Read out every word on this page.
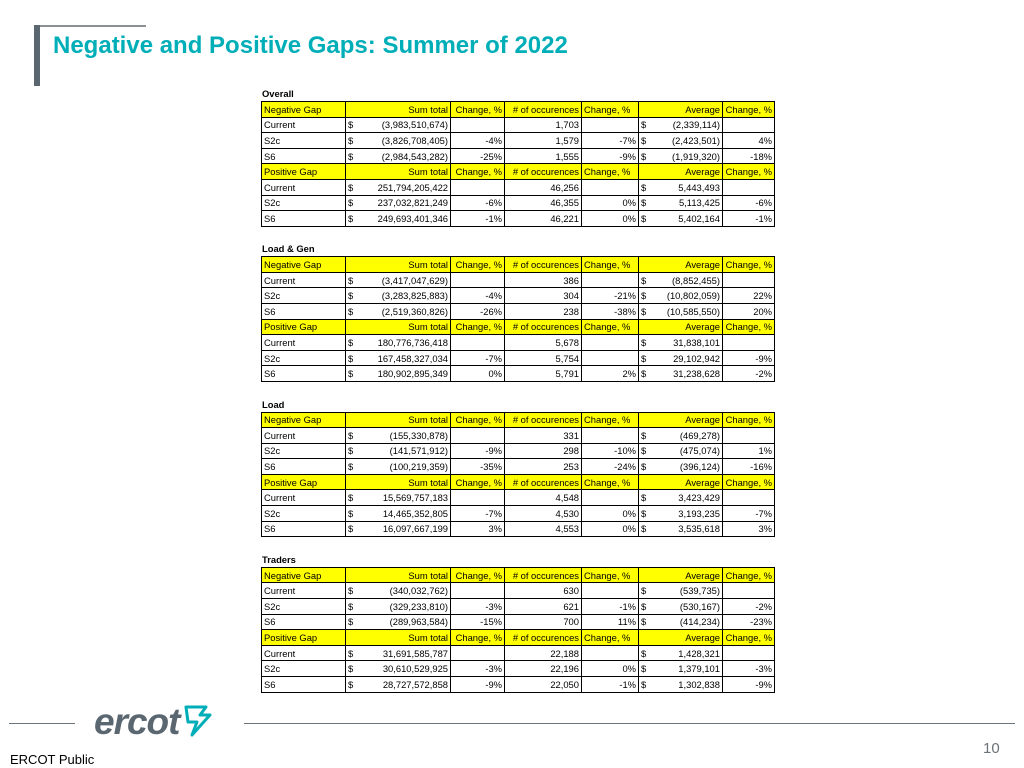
Negative and Positive Gaps: Summer of 2022
Overall
Negative Gap	Sum total	Change, %	# of occurences	Change, %	Average	Change, %
Current	$ (3,983,510,674)		1,703		$ (2,339,114)	

S2c	$ (3,826,708,405)	-4%	1,579	-7%	$ (2,423,501)	4%
S6	$ (2,984,543,282)	-25%	1,555	-9%	$ (1,919,320)	-18%
Positive Gap	Sum total	Change, %	# of occurences	Change, %	Average	Change, %
Current	$ 251,794,205,422		46,256		$ 5,443,493	

S2c	$ 237,032,821,249	-6%	46,355	0%	$ 5,113,425	-6%
S6	$ 249,693,401,346	-1%	46,221	0%	$ 5,402,164	-1%
Load & Gen
Negative Gap	Sum total	Change, %	# of occurences	Change, %	Average	Change, %
Current	$ (3,417,047,629)		386		$ (8,852,455)	

S2c	$ (3,283,825,883)	-4%	304	-21%	$ (10,802,059)	22%
S6	$ (2,519,360,826)	-26%	238	-38%	$ (10,585,550)	20%
Positive Gap	Sum total	Change, %	# of occurences	Change, %	Average	Change, %
Current	$ 180,776,736,418		5,678		$ 31,838,101	

S2c	$ 167,458,327,034	-7%	5,754		$ 29,102,942	-9%
S6	$ 180,902,895,349	0%	5,791	2%	$ 31,238,628	-2%
Load
Negative Gap	Sum total	Change, %	# of occurences	Change, %	Average	Change, %
Current	$ (155,330,878)		331		$ (469,278)	

S2c	$ (141,571,912)	-9%	298	-10%	$ (475,074)	1%
S6	$ (100,219,359)	-35%	253	-24%	$ (396,124)	-16%
Positive Gap	Sum total	Change, %	# of occurences	Change, %	Average	Change, %
Current	$ 15,569,757,183		4,548		$ 3,423,429	

S2c	$ 14,465,352,805	-7%	4,530	0%	$ 3,193,235	-7%
S6	$ 16,097,667,199	3%	4,553	0%	$ 3,535,618	3%
Traders
Negative Gap	Sum total	Change, %	# of occurences	Change, %	Average	Change, %
Current	$ (340,032,762)		630		$ (539,735)	

S2c	$ (329,233,810)	-3%	621	-1%	$ (530,167)	-2%
S6	$ (289,963,584)	-15%	700	11%	$ (414,234)	-23%
Positive Gap	Sum total	Change, %	# of occurences	Change, %	Average	Change, %
Current	$ 31,691,585,787		22,188		$ 1,428,321	

S2c	$ 30,610,529,925	-3%	22,196	0%	$ 1,379,101	-3%
S6	$ 28,727,572,858	-9%	22,050	-1%	$ 1,302,838	-9%
ercot
ERCOT Public
10
